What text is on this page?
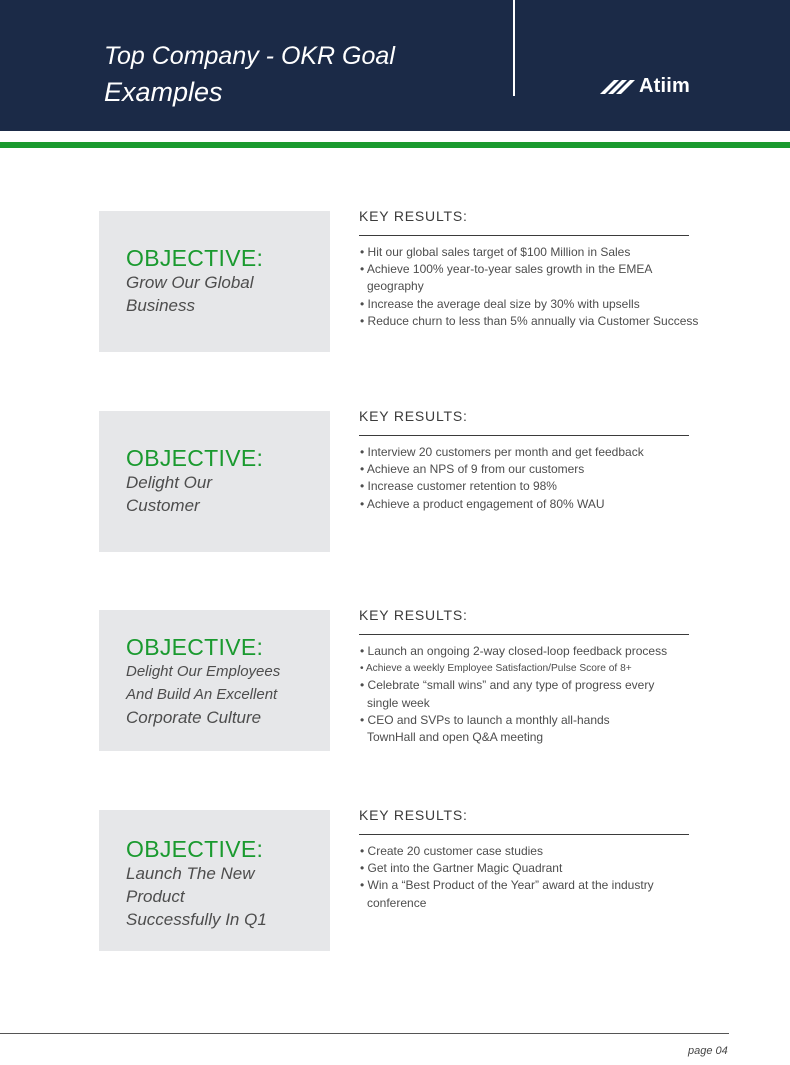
Top Company - OKR Goal
Examples	Atiim
OBJECTIVE:
Grow Our Global
Business
KEY RESULTS:
• Hit our global sales target of $100 Million in Sales
• Achieve 100% year-to-year sales growth in the EMEA geography
• Increase the average deal size by 30% with upsells
• Reduce churn to less than 5% annually via Customer Success
OBJECTIVE:
Delight Our
Customer
KEY RESULTS:
• Interview 20 customers per month and get feedback
• Achieve an NPS of 9 from our customers
• Increase customer retention to 98%
• Achieve a product engagement of 80% WAU
OBJECTIVE:
Delight Our Employees
And Build An Excellent
Corporate Culture
KEY RESULTS:
• Launch an ongoing 2-way closed-loop feedback process
• Achieve a weekly Employee Satisfaction/Pulse Score of 8+
• Celebrate “small wins” and any type of progress every single week
• CEO and SVPs to launch a monthly all-hands TownHall and open Q&A meeting
OBJECTIVE:
Launch The New
Product
Successfully In Q1
KEY RESULTS:
• Create 20 customer case studies
• Get into the Gartner Magic Quadrant
• Win a “Best Product of the Year” award at the industry conference
page 04
